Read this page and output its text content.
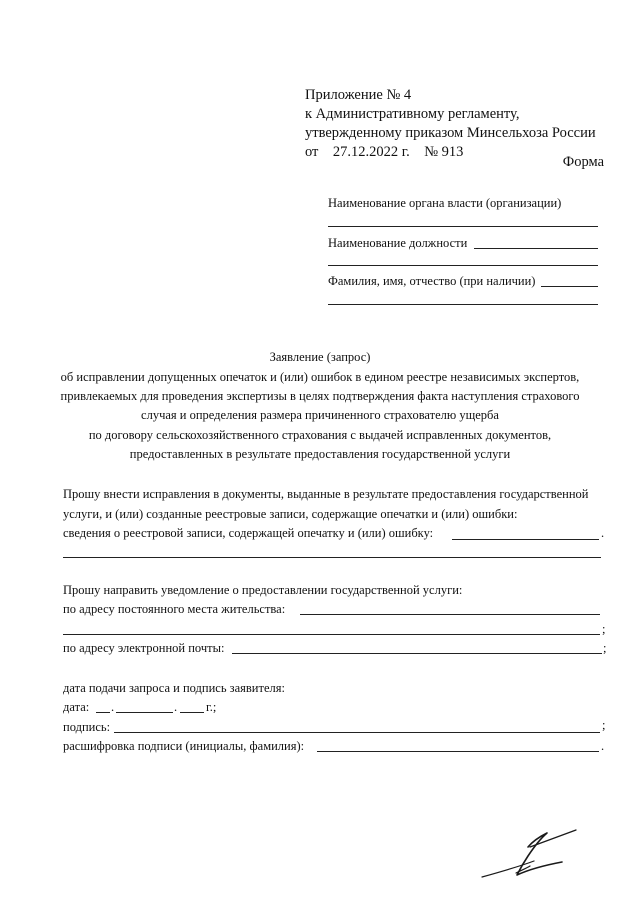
Приложение № 4
к Административному регламенту,
утвержденному приказом Минсельхоза России
от    27.12.2022 г.    № 913
Форма
Наименование органа власти (организации)
Наименование должности
Фамилия, имя, отчество (при наличии)
Заявление (запрос)
об исправлении допущенных опечаток и (или) ошибок в едином реестре независимых экспертов,
привлекаемых для проведения экспертизы в целях подтверждения факта наступления страхового
случая и определения размера причиненного страхователю ущерба
по договору сельскохозяйственного страхования с выдачей исправленных документов,
предоставленных в результате предоставления государственной услуги
Прошу внести исправления в документы, выданные в результате предоставления государственной
услуги, и (или) созданные реестровые записи, содержащие опечатки и (или) ошибки:
сведения о реестровой записи, содержащей опечатку и (или) ошибку:	.
Прошу направить уведомление о предоставлении государственной услуги:
по адресу постоянного места жительства:
;
по адресу электронной почты:	;
дата подачи запроса и подпись заявителя:
дата: .	. г.;
подпись:	;
расшифровка подписи (инициалы, фамилия):	.
